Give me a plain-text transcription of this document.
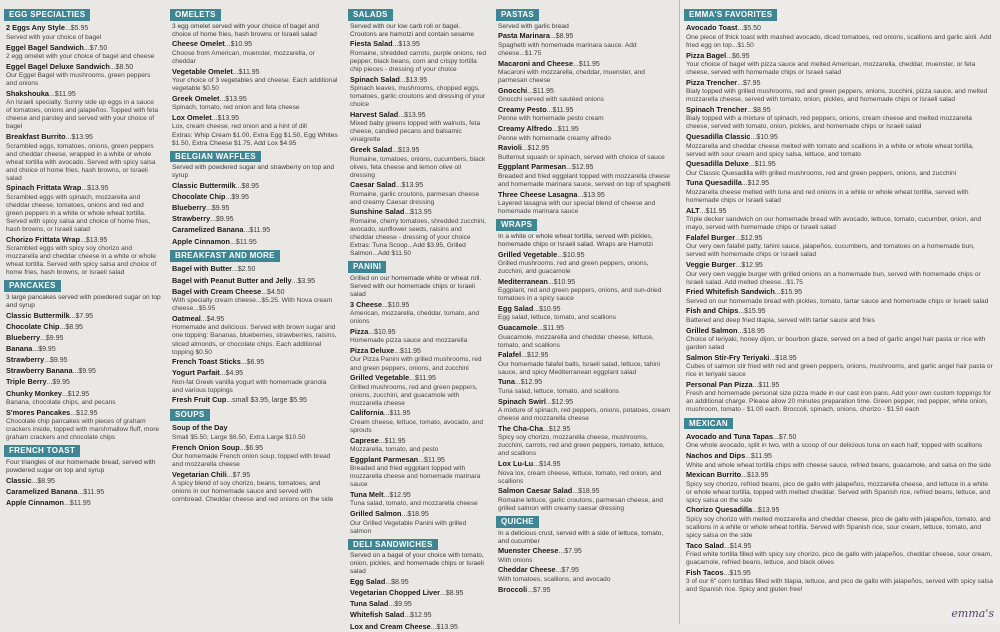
EGG SPECIALTIES
2 Eggs Any Style...$5.95
Served with your choice of bagel
Eggel Bagel Sandwich...$7.50
2 egg omelet with your choice of bagel and cheese
Eggel Bagel Deluxe Sandwich...$8.50
Our Eggel Bagel with mushrooms, green peppers and onions
Shakshouka...$11.95
An Israeli specialty. Sunny side up eggs in a sauce of tomatoes, onions and jalapeños. Topped with feta cheese and parsley and served with your choice of bagel
Breakfast Burrito...$13.95
Scrambled eggs, tomatoes, onions, green peppers and cheddar cheese, wrapped in a white or whole wheat tortilla with avocado. Served with spicy salsa and choice of home fries, hash browns, or Israeli salad
Spinach Frittata Wrap...$13.95
Scrambled eggs with spinach, mozzarella and cheddar cheese, tomatoes, onions and red and green peppers in a white or whole wheat tortilla. Served with spicy salsa and choice of home fries, hash browns, or Israeli salad
Chorizo Frittata Wrap...$13.95
Scrambled eggs with spicy soy chorizo and mozzarella and cheddar cheese in a white or whole wheat tortilla. Served with spicy salsa and choice of home fries, hash browns, or Israeli salad
PANCAKES
3 large pancakes served with powdered sugar on top and syrup
Classic Buttermilk...$7.95
Chocolate Chip...$8.95
Blueberry...$9.95
Banana...$9.95
Strawberry...$9.95
Strawberry Banana...$9.95
Triple Berry...$9.95
Chunky Monkey...$12.95
Banana, chocolate chips, and pecans
S'mores Pancakes...$12.95
Chocolate chip pancakes with pieces of graham crackers inside, topped with marshmallow fluff, more graham crackers and chocolate chips
FRENCH TOAST
Four triangles of our homemade bread, served with powdered sugar on top and syrup
Classic...$8.95
Caramelized Banana...$11.95
Apple Cinnamon...$11.95
OMELETS
3 egg omelet served with your choice of bagel and choice of home fries, hash browns or Israeli salad
Cheese Omelet...$10.95
Choose from American, muenster, mozzarella, or cheddar
Vegetable Omelet...$11.95
Your choice of 3 vegetables and cheese. Each additional vegetable $0.50
Greek Omelet...$13.95
Spinach, tomato, red onion and feta cheese
Lox Omelet...$13.95
Lox, cream cheese, red onion and a hint of dill
Extras: Whip Cream $1.00, Extra Egg $1.50, Egg Whites $1.50, Extra Cheese $1.75, Add Lox $4.95
BELGIAN WAFFLES
Served with powdered sugar and strawberry on top and syrup
Classic Buttermilk...$8.95
Chocolate Chip...$9.95
Blueberry...$9.95
Strawberry...$9.95
Caramelized Banana...$11.95
Apple Cinnamon...$11.95
BREAKFAST AND MORE
Bagel with Butter...$2.50
Bagel with Peanut Butter and Jelly...$3.95
Bagel with Cream Cheese...$4.50
With specialty cream cheese...$5.25. With Nova cream cheese...$5.95
Oatmeal...$4.95
Homemade and delicious. Served with brown sugar and one topping: Bananas, blueberries, strawberries, raisins, sliced almonds, or chocolate chips. Each additional topping $0.50
French Toast Sticks...$6.95
Yogurt Parfait...$4.95
Non-fat Greek vanilla yogurt with homemade granola and various toppings
Fresh Fruit Cup...small $3.95, large $5.95
SOUPS
Soup of the Day
Small $5.50, Large $6.50, Extra Large $10.50
French Onion Soup...$6.95
Our homemade French onion soup, topped with bread and mozzarella cheese
Vegetarian Chili...$7.95
A spicy blend of soy chorizo, beans, tomatoes, and onions in our homemade sauce and served with cornbread. Cheddar cheese and red onions on the side
SALADS
Served with our low carb roll or bagel. Croutons are hamotzi and contain sesame
Fiesta Salad...$13.95
Romaine, shredded carrots, purple onions, red pepper, black beans, corn and crispy tortilla chip pieces - dressing of your choice
Spinach Salad...$13.95
Spinach leaves, mushrooms, chopped eggs, tomatoes, garlic croutons and dressing of your choice
Harvest Salad...$13.95
Mixed baby greens topped with walnuts, feta cheese, candied pecans and balsamic vinaigrette
Greek Salad...$13.95
Romaine, tomatoes, onions, cucumbers, black olives, feta cheese and lemon olive oil dressing
Caesar Salad...$13.95
Romaine, garlic croutons, parmesan cheese and creamy Caesar dressing
Sunshine Salad...$13.95
Romaine, cherry tomatoes, shredded zucchini, avocado, sunflower seeds, raisins and cheddar cheese - dressing of your choice
Extras: Tuna Scoop...Add $3.95, Grilled Salmon...Add $11.50
PANINI
Grilled on our homemade white or wheat roll. Served with our homemade chips or Israeli salad
3 Cheese...$10.95
American, mozzarella, cheddar, tomato, and onions
Pizza...$10.95
Homemade pizza sauce and mozzarella
Pizza Deluxe...$11.95
Our Pizza Panini with grilled mushrooms, red and green peppers, onions, and zucchini
Grilled Vegetable...$11.95
Grilled mushrooms, red and green peppers, onions, zucchini, and guacamole with mozzarella cheese
California...$11.95
Cream cheese, lettuce, tomato, avocado, and sprouts
Caprese...$11.95
Mozzarella, tomato, and pesto
Eggplant Parmesan...$11.95
Breaded and fried eggplant topped with mozzarella cheese and homemade marinara sauce
Tuna Melt...$12.95
Tuna salad, tomato, and mozzarella cheese
Grilled Salmon...$18.95
Our Grilled Vegetable Panini with grilled salmon
DELI SANDWICHES
Served on a bagel of your choice with tomato, onion, pickles, and homemade chips or Israeli salad
Egg Salad...$8.95
Vegetarian Chopped Liver...$8.95
Tuna Salad...$9.95
Whitefish Salad...$12.95
Lox and Cream Cheese...$13.95
PASTAS
Served with garlic bread
Pasta Marinara...$8.95
Spaghetti with homemade marinara sauce. Add cheese...$1.75
Macaroni and Cheese...$11.95
Macaroni with mozzarella, cheddar, muenster, and parmesan cheese
Gnocchi...$11.95
Gnocchi served with sautéed onions
Creamy Pesto...$11.95
Penne with homemade pesto cream
Creamy Alfredo...$11.95
Penne with homemade creamy alfredo
Ravioli...$12.95
Butternut squash or spinach, served with choice of sauce
Eggplant Parmesan...$12.95
Breaded and fried eggplant topped with mozzarella cheese and homemade marinara sauce, served on top of spaghetti
Three Cheese Lasagna...$13.95
Layered lasagna with our special blend of cheese and homemade marinara sauce
WRAPS
In a white or whole wheat tortilla, served with pickles, homemade chips or Israeli salad. Wraps are Hamotzi
Grilled Vegetable...$10.95
Grilled mushrooms, red and green peppers, onions, zucchini, and guacamole
Mediterranean...$10.95
Eggplant, red and green peppers, onions, and sun-dried tomatoes in a spicy sauce
Egg Salad...$10.95
Egg salad, lettuce, tomato, and scallions
Guacamole...$11.95
Guacamole, mozzarella and cheddar cheese, lettuce, tomato, and scallions
Falafel...$12.95
Our homemade falafel balls, Israeli salad, lettuce, tahini sauce, and spicy Mediterranean eggplant salad
Tuna...$12.95
Tuna salad, lettuce, tomato, and scallions
Spinach Swirl...$12.95
A mixture of spinach, red peppers, onions, potatoes, cream cheese and mozzarella cheese
The Cha-Cha...$12.95
Spicy soy chorizo, mozzarella cheese, mushrooms, zucchini, carrots, red and green peppers, tomato, lettuce, and scallions
Lox Lu-Lu...$14.95
Nova lox, cream cheese, lettuce, tomato, red onion, and scallions
Salmon Caesar Salad...$18.95
Romaine lettuce, garlic croutons, parmesan cheese, and grilled salmon with creamy caesar dressing
QUICHE
In a delicious crust, served with a side of lettuce, tomato, and cucumber
Muenster Cheese...$7.95
With onions
Cheddar Cheese...$7.95
With tomatoes, scallions, and avocado
Broccoli...$7.95
EMMA'S FAVORITES
Avocado Toast...$5.50
One piece of thick toast with mashed avocado, diced tomatoes, red onions, scallions and garlic aioli. Add fried egg on top...$1.50
Pizza Bagel...$6.95
Your choice of bagel with pizza sauce and melted American, mozzarella, cheddar, muenster, or feta cheese, served with homemade chips or Israeli salad
Pizza Trencher...$7.95
Bialy topped with grilled mushrooms, red and green peppers, onions, zucchini, pizza sauce, and melted mozzarella cheese, served with tomato, onion, pickles, and homemade chips or Israeli salad
Spinach Trencher...$8.95
Bialy topped with a mixture of spinach, red peppers, onions, cream cheese and melted mozzarella cheese, served with tomato, onion, pickles, and homemade chips or Israeli salad
Quesadilla Classic...$10.95
Mozzarella and cheddar cheese melted with tomato and scallions in a white or whole wheat tortilla, served with sour cream and spicy salsa, lettuce, and tomato
Quesadilla Deluxe...$11.95
Our Classic Quesadilla with grilled mushrooms, red and green peppers, onions, and zucchini
Tuna Quesadilla...$12.95
Mozzarella cheese melted with tuna and red onions in a white or whole wheat tortilla, served with homemade chips or Israeli salad
ALT...$11.95
Triple decker sandwich on our homemade bread with avocado, lettuce, tomato, cucumber, onion, and mayo, served with homemade chips or Israeli salad
Falafel Burger...$12.95
Our very own falafel patty, tahini sauce, jalapeños, cucumbers, and tomatoes on a homemade bun, served with homemade chips or Israeli salad
Veggie Burger...$12.95
Our very own veggie burger with grilled onions on a homemade bun, served with homemade chips or Israeli salad. Add melted cheese...$1.75
Fried Whitefish Sandwich...$15.95
Served on our homemade bread with pickles, tomato, tartar sauce and homemade chips or Israeli salad
Fish and Chips...$15.95
Battered and deep fried tilapia, served with tartar sauce and fries
Grilled Salmon...$18.95
Choice of teriyaki, honey dijon, or bourbon glaze, served on a bed of garlic angel hair pasta or rice with garden salad
Salmon Stir-Fry Teriyaki...$18.95
Cubes of salmon stir fried with red and green peppers, onions, mushrooms, and garlic angel hair pasta or rice in teriyaki sauce
Personal Pan Pizza...$11.95
Fresh and homemade personal size pizza made in our cast iron pans. Add your own custom toppings for an additional charge. Please allow 20 minutes preparation time. Green pepper, red pepper, white onion, mushroom, tomato - $1.00 each. Broccoli, spinach, onions, chorizo - $1.50 each
MEXICAN
Avocado and Tuna Tapas...$7.50
One whole avocado, split in two, with a scoop of our delicious tuna on each half, topped with scallions
Nachos and Dips...$11.95
White and whole wheat tortilla chips with cheese sauce, refried beans, guacamole, and salsa on the side
Mexican Burrito...$13.95
Spicy soy chorizo, refried beans, pico de gallo with jalapeños, mozzarella cheese, and lettuce in a white or whole wheat tortilla, topped with melted cheddar. Served with Spanish rice, refried beans, lettuce, and spicy salsa on the side
Chorizo Quesadilla...$13.95
Spicy soy chorizo with melted mozzarella and cheddar cheese, pico de gallo with jalapeños, tomato, and scallions in a white or whole wheat tortilla. Served with Spanish rice, sour cream, lettuce, tomato, and spicy salsa on the side
Taco Salad...$14.95
Fried white tortilla filled with spicy soy chorizo, pico de gallo with jalapeños, cheddar cheese, sour cream, guacamole, refried beans, lettuce, and black olives
Fish Tacos...$15.95
3 of our 6" corn tortillas filled with tilapia, lettuce, and pico de gallo with jalapeños, served with spicy salsa and Spanish rice. Spicy and gluten free!
emma's
